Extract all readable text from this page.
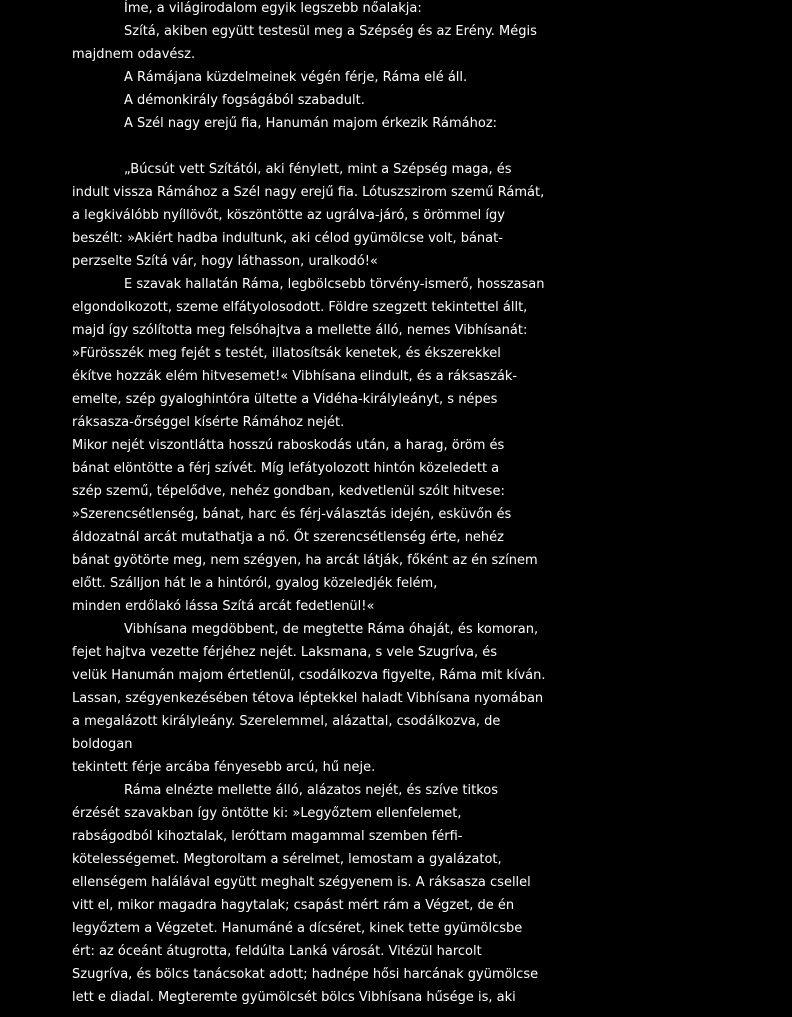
Íme, a világirodalom egyik legszebb nőalakja:
Szítá, akiben együtt testesül meg a Szépség és az Erény. Mégis
majdnem odavész.
A Rámájana küzdelmeinek végén férje, Ráma elé áll.
A démonkirály fogságából szabadult.
A Szél nagy erejű fia, Hanumán majom érkezik Rámához:
„Búcsút vett Szítától, aki fénylett, mint a Szépség maga, és
indult vissza Rámához a Szél nagy erejű fia. Lótuszszirom szemű Rámát,
a legkiválóbb nyíllövőt, köszöntötte az ugrálva-járó, s örömmel így
beszélt: »Akiért hadba indultunk, aki célod gyümölcse volt, bánat-
perzselte Szítá vár, hogy láthasson, uralkodó!«
E szavak hallatán Ráma, legbölcsebb törvény-ismerő, hosszasan
elgondolkozott, szeme elfátyolosodott. Földre szegzett tekintettel állt,
majd így szólította meg felsóhajtva a mellette álló, nemes Vibhísanát:
»Fürösszék meg fejét s testét, illatosítsák kenetek, és ékszerekkel
ékítve hozzák elém hitvesemet!« Vibhísana elindult, és a ráksaszák-
emelte, szép gyaloghintóra ültette a Vidéha-királyleányt, s népes
ráksasza-őrséggel kísérte Rámához nejét.
Mikor nejét viszontlátta hosszú raboskodás után, a harag, öröm és
bánat elöntötte a férj szívét. Míg lefátyolozott hintón közeledett a
szép szemű, tépelődve, nehéz gondban, kedvetlenül szólt hitvese:
»Szerencsétlenség, bánat, harc és férj-választás idején, esküvőn és
áldozatnál arcát mutathatja a nő. Őt szerencsétlenség érte, nehéz
bánat gyötörte meg, nem szégyen, ha arcát látják, főként az én színem
előtt. Szálljon hát le a hintóról, gyalog közeledjék felém,
minden erdőlakó lássa Szítá arcát fedetlenül!«
Vibhísana megdöbbent, de megtette Ráma óhaját, és komoran,
fejet hajtva vezette férjéhez nejét. Laksmana, s vele Szugríva, és
velük Hanumán majom értetlenül, csodálkozva figyelte, Ráma mit kíván.
Lassan, szégyenkezésében tétova léptekkel haladt Vibhísana nyomában
a megalázott királyleány. Szerelemmel, alázattal, csodálkozva, de
boldogan
tekintett férje arcába fényesebb arcú, hű neje.
Ráma elnézte mellette álló, alázatos nejét, és szíve titkos
érzését szavakban így öntötte ki: »Legyőztem ellenfelemet,
rabságodból kihoztalak, leróttam magammal szemben férfi-
kötelességemet. Megtoroltam a sérelmet, lemostam a gyalázatot,
ellenségem halálával együtt meghalt szégyenem is. A ráksasza csellel
vitt el, mikor magadra hagytalak; csapást mért rám a Végzet, de én
legyőztem a Végzetet. Hanumáné a dícséret, kinek tette gyümölcsbe
ért: az óceánt átugrotta, feldúlta Lanká városát. Vitézül harcolt
Szugríva, és bölcs tanácsokat adott; hadnépe hősi harcának gyümölcse
lett e diadal. Megteremte gyümölcsét bölcs Vibhísana hűsége is, aki
